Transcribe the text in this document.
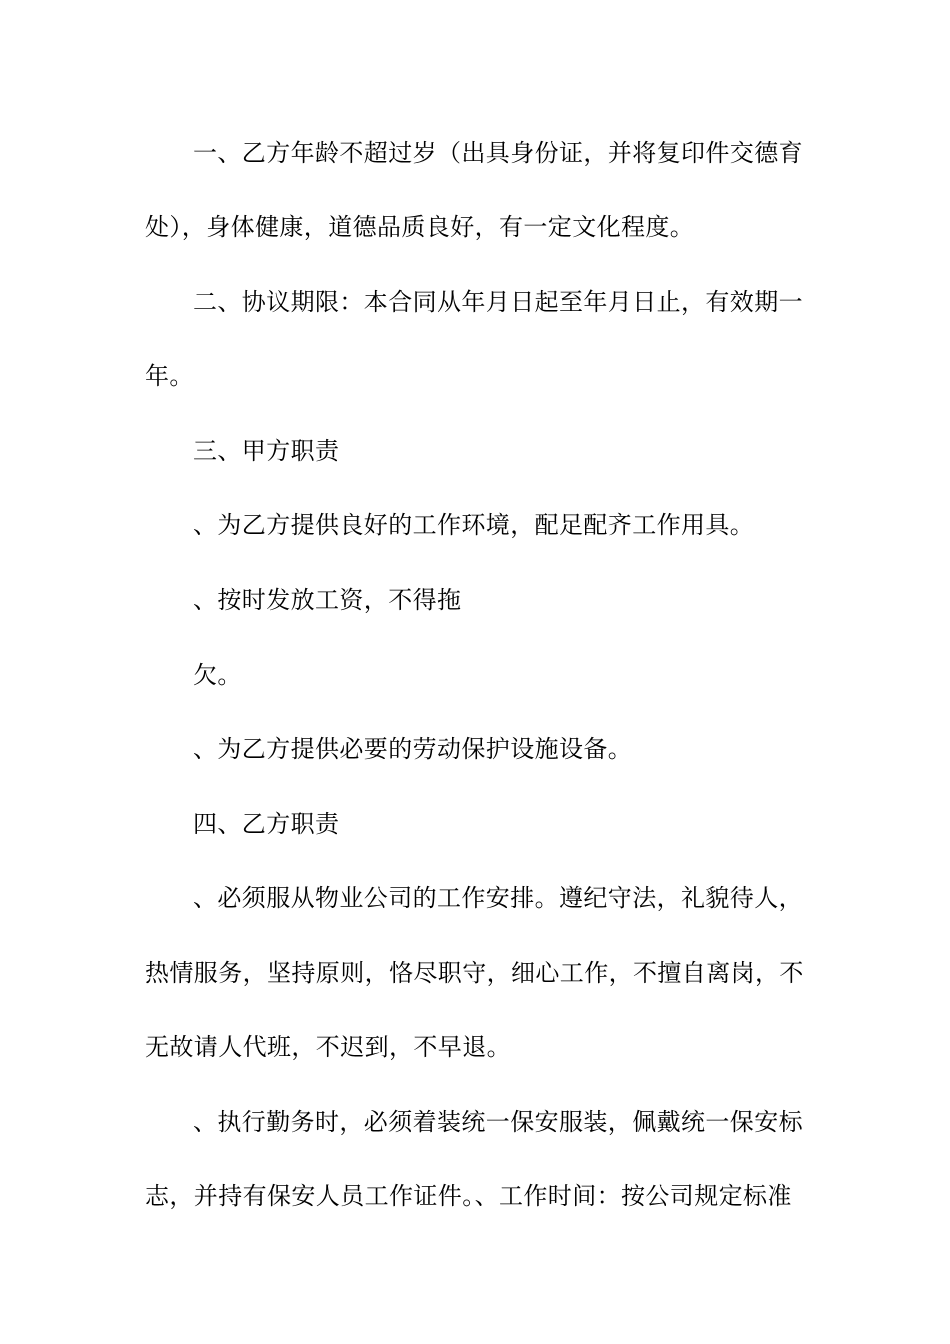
一、乙方年龄不超过岁（出具身份证，并将复印件交德育
处），身体健康，道德品质良好，有一定文化程度。
二、协议期限：本合同从年月日起至年月日止，有效期一
年。
三、甲方职责
、为乙方提供良好的工作环境，配足配齐工作用具。
、按时发放工资，不得拖
欠。
、为乙方提供必要的劳动保护设施设备。
四、乙方职责
、必须服从物业公司的工作安排。遵纪守法，礼貌待人，
热情服务，坚持原则，恪尽职守，细心工作，不擅自离岗，不
无故请人代班，不迟到，不早退。
、执行勤务时，必须着装统一保安服装，佩戴统一保安标
志，并持有保安人员工作证件。、工作时间：按公司规定标准
